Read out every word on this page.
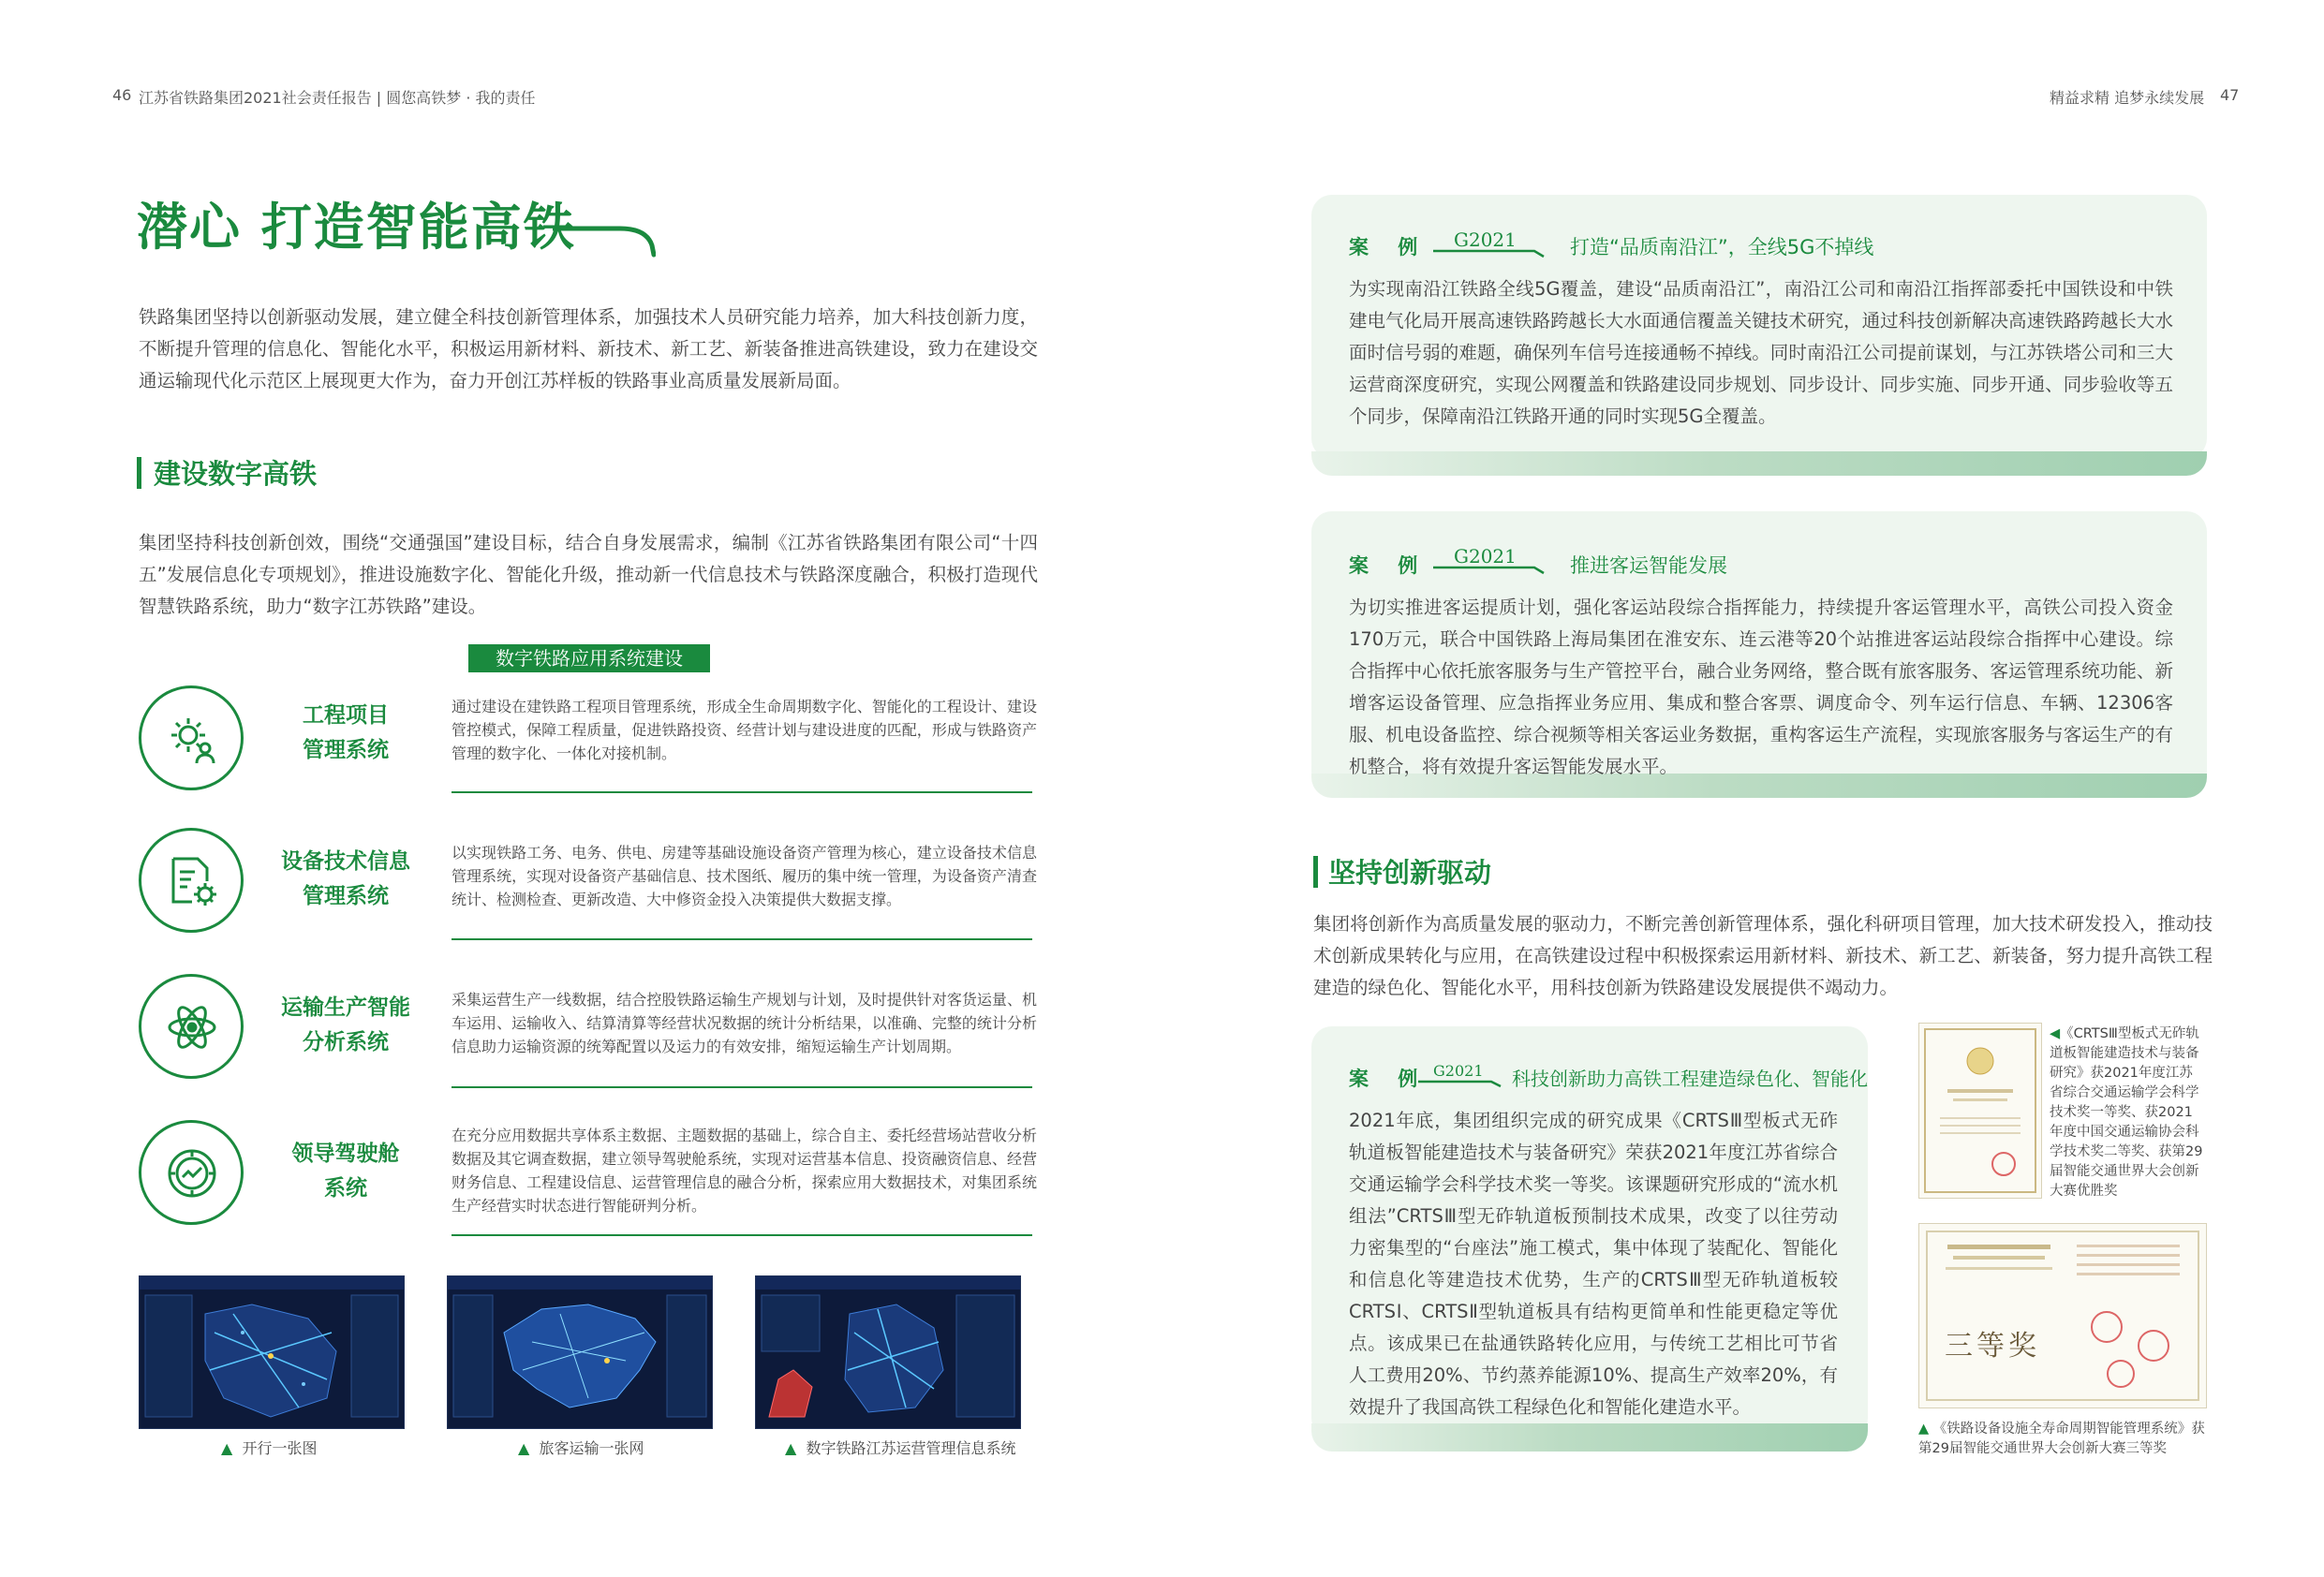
46 江苏省铁路集团2021社会责任报告 | 圆您高铁梦 · 我的责任	精益求精 追梦永续发展 47
潜心 打造智能高铁
铁路集团坚持以创新驱动发展，建立健全科技创新管理体系，加强技术人员研究能力培养，加大科技创新力度，不断提升管理的信息化、智能化水平，积极运用新材料、新技术、新工艺、新装备推进高铁建设，致力在建设交通运输现代化示范区上展现更大作为，奋力开创江苏样板的铁路事业高质量发展新局面。
建设数字高铁
集团坚持科技创新创效，围绕“交通强国”建设目标，结合自身发展需求，编制《江苏省铁路集团有限公司“十四五”发展信息化专项规划》，推进设施数字化、智能化升级，推动新一代信息技术与铁路深度融合，积极打造现代智慧铁路系统，助力“数字江苏铁路”建设。
数字铁路应用系统建设
工程项目
管理系统
通过建设在建铁路工程项目管理系统，形成全生命周期数字化、智能化的工程设计、建设管控模式，保障工程质量，促进铁路投资、经营计划与建设进度的匹配，形成与铁路资产管理的数字化、一体化对接机制。
设备技术信息
管理系统
以实现铁路工务、电务、供电、房建等基础设施设备资产管理为核心，建立设备技术信息管理系统，实现对设备资产基础信息、技术图纸、履历的集中统一管理，为设备资产清查统计、检测检查、更新改造、大中修资金投入决策提供大数据支撑。
运输生产智能
分析系统
采集运营生产一线数据，结合控股铁路运输生产规划与计划，及时提供针对客货运量、机车运用、运输收入、结算清算等经营状况数据的统计分析结果，以准确、完整的统计分析信息助力运输资源的统筹配置以及运力的有效安排，缩短运输生产计划周期。
领导驾驶舱
系统
在充分应用数据共享体系主数据、主题数据的基础上，综合自主、委托经营场站营收分析数据及其它调查数据，建立领导驾驶舱系统，实现对运营基本信息、投资融资信息、经营财务信息、工程建设信息、运营管理信息的融合分析，探索应用大数据技术，对集团系统生产经营实时状态进行智能研判分析。
▲ 开行一张图	▲ 旅客运输一张网	▲ 数字铁路江苏运营管理信息系统
案 例 G2021	打造“品质南沿江”，全线5G不掉线
为实现南沿江铁路全线5G覆盖，建设“品质南沿江”，南沿江公司和南沿江指挥部委托中国铁设和中铁建电气化局开展高速铁路跨越长大水面通信覆盖关键技术研究，通过科技创新解决高速铁路跨越长大水面时信号弱的难题，确保列车信号连接通畅不掉线。同时南沿江公司提前谋划，与江苏铁塔公司和三大运营商深度研究，实现公网覆盖和铁路建设同步规划、同步设计、同步实施、同步开通、同步验收等五个同步，保障南沿江铁路开通的同时实现5G全覆盖。
案 例 G2021	推进客运智能发展
为切实推进客运提质计划，强化客运站段综合指挥能力，持续提升客运管理水平，高铁公司投入资金170万元，联合中国铁路上海局集团在淮安东、连云港等20个站推进客运站段综合指挥中心建设。综合指挥中心依托旅客服务与生产管控平台，融合业务网络，整合既有旅客服务、客运管理系统功能、新增客运设备管理、应急指挥业务应用、集成和整合客票、调度命令、列车运行信息、车辆、12306客服、机电设备监控、综合视频等相关客运业务数据，重构客运生产流程，实现旅客服务与客运生产的有机整合，将有效提升客运智能发展水平。
坚持创新驱动
集团将创新作为高质量发展的驱动力，不断完善创新管理体系，强化科研项目管理，加大技术研发投入，推动技术创新成果转化与应用，在高铁建设过程中积极探索运用新材料、新技术、新工艺、新装备，努力提升高铁工程建造的绿色化、智能化水平，用科技创新为铁路建设发展提供不竭动力。
案 例 G2021 科技创新助力高铁工程建造绿色化、智能化
2021年底，集团组织完成的研究成果《CRTSⅢ型板式无砟轨道板智能建造技术与装备研究》荣获2021年度江苏省综合交通运输学会科学技术奖一等奖。该课题研究形成的“流水机组法”CRTSⅢ型无砟轨道板预制技术成果，改变了以往劳动力密集型的“台座法”施工模式，集中体现了装配化、智能化和信息化等建造技术优势，生产的CRTSⅢ型无砟轨道板较CRTSⅠ、CRTSⅡ型轨道板具有结构更简单和性能更稳定等优点。该成果已在盐通铁路转化应用，与传统工艺相比可节省人工费用20%、节约蒸养能源10%、提高生产效率20%，有效提升了我国高铁工程绿色化和智能化建造水平。
◀《CRTSⅢ型板式无砟轨道板智能建造技术与装备研究》获2021年度江苏省综合交通运输学会科学技术奖一等奖、获2021年度中国交通运输协会科学技术奖二等奖、获第29届智能交通世界大会创新大赛优胜奖
三等奖
▲ 《铁路设备设施全寿命周期智能管理系统》获第29届智能交通世界大会创新大赛三等奖
